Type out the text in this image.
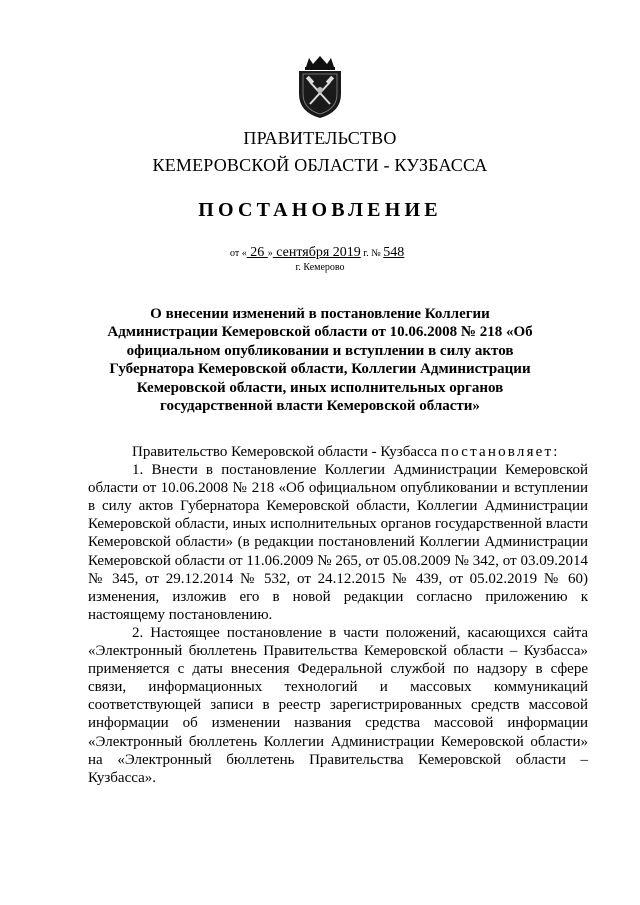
ПРАВИТЕЛЬСТВО
КЕМЕРОВСКОЙ ОБЛАСТИ - КУЗБАССА
ПОСТАНОВЛЕНИЕ
от « 26 » сентября 2019 г. № 548
г. Кемерово
О внесении изменений в постановление Коллегии Администрации Кемеровской области от 10.06.2008 № 218 «Об официальном опубликовании и вступлении в силу актов Губернатора Кемеровской области, Коллегии Администрации Кемеровской области, иных исполнительных органов государственной власти Кемеровской области»

Правительство Кемеровской области - Кузбасса постановляет:

1. Внести в постановление Коллегии Администрации Кемеровской области от 10.06.2008 № 218 «Об официальном опубликовании и вступлении в силу актов Губернатора Кемеровской области, Коллегии Администрации Кемеровской области, иных исполнительных органов государственной власти Кемеровской области» (в редакции постановлений Коллегии Администрации Кемеровской области от 11.06.2009 № 265, от 05.08.2009 № 342, от 03.09.2014 № 345, от 29.12.2014 № 532, от 24.12.2015 № 439, от 05.02.2019 № 60) изменения, изложив его в новой редакции согласно приложению к настоящему постановлению.

2. Настоящее постановление в части положений, касающихся сайта «Электронный бюллетень Правительства Кемеровской области – Кузбасса» применяется с даты внесения Федеральной службой по надзору в сфере связи, информационных технологий и массовых коммуникаций соответствующей записи в реестр зарегистрированных средств массовой информации об изменении названия средства массовой информации «Электронный бюллетень Коллегии Администрации Кемеровской области» на «Электронный бюллетень Правительства Кемеровской области – Кузбасса».
